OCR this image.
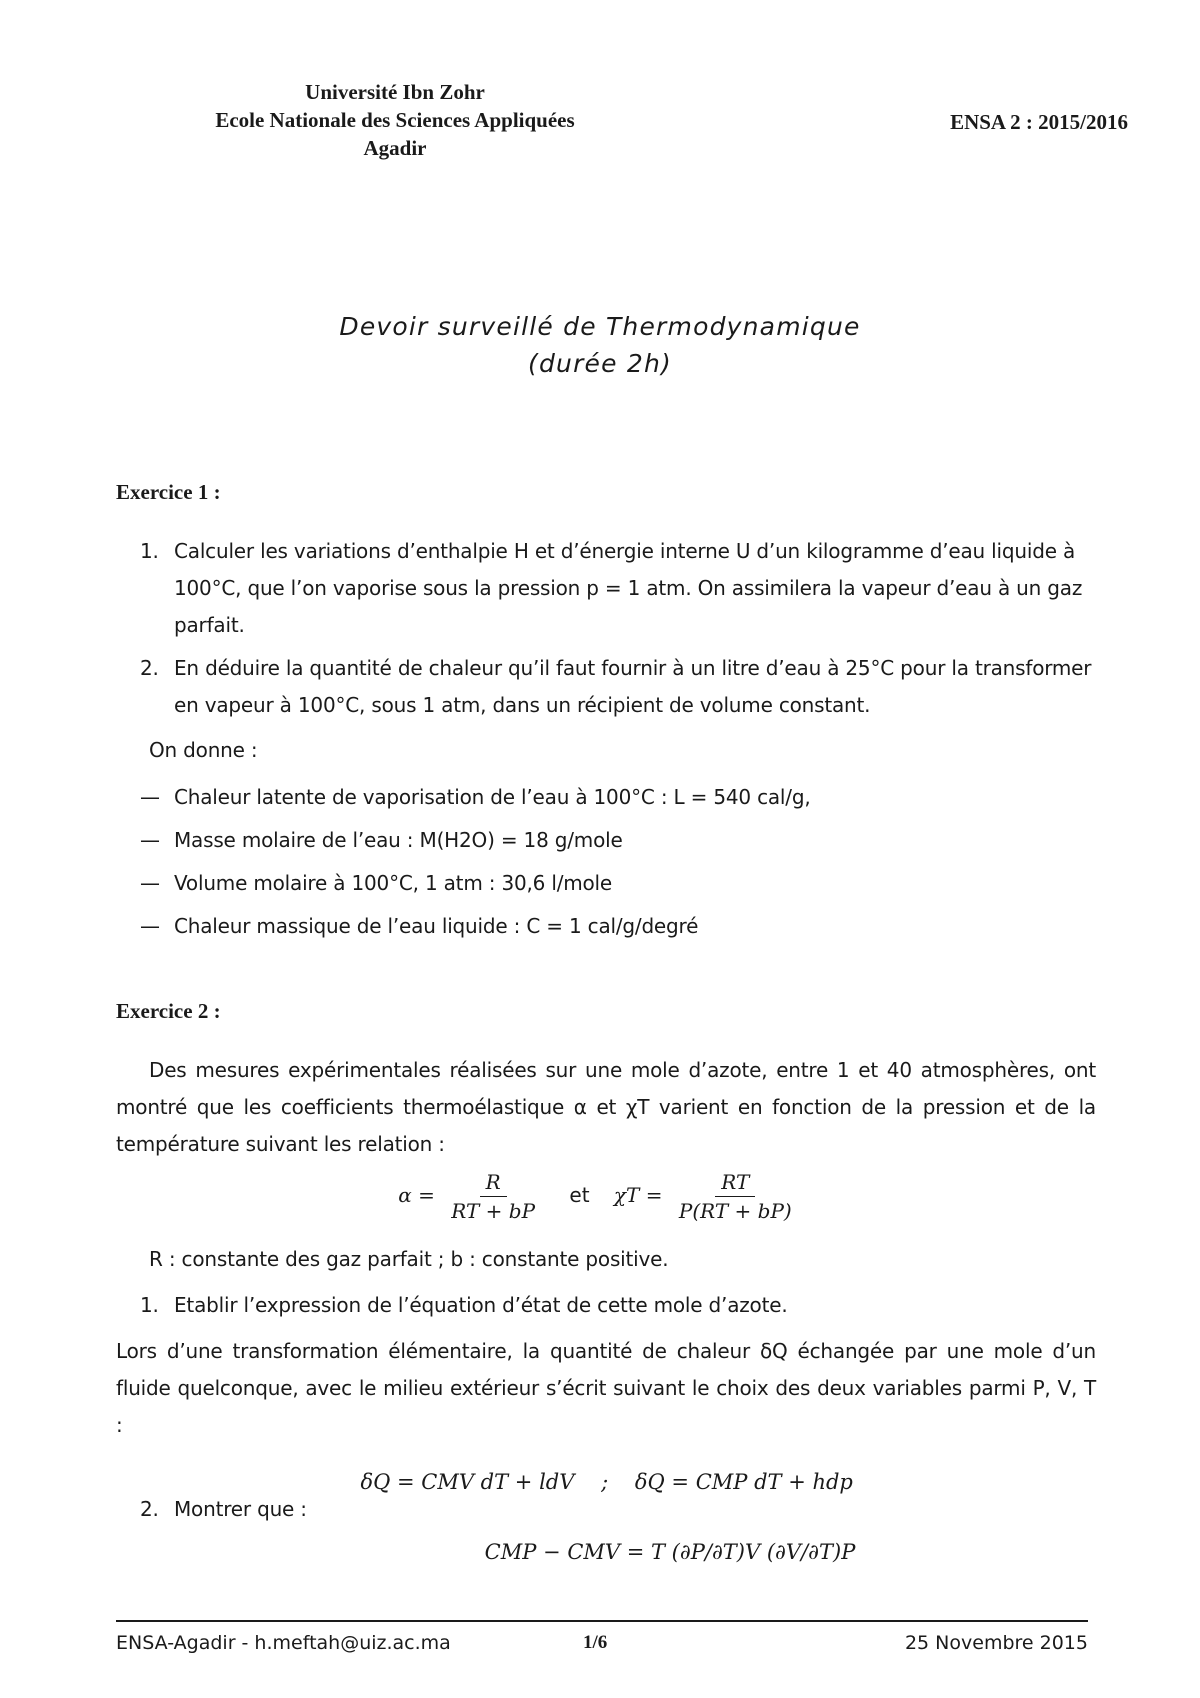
Université Ibn Zohr
Ecole Nationale des Sciences Appliquées
Agadir
ENSA 2 : 2015/2016
Devoir surveillé de Thermodynamique
(durée 2h)
Exercice 1 :
1. Calculer les variations d’enthalpie H et d’énergie interne U d’un kilogramme d’eau liquide à 100°C, que l’on vaporise sous la pression p = 1 atm. On assimilera la vapeur d’eau à un gaz parfait.
2. En déduire la quantité de chaleur qu’il faut fournir à un litre d’eau à 25°C pour la transformer en vapeur à 100°C, sous 1 atm, dans un récipient de volume constant.
On donne :
— Chaleur latente de vaporisation de l’eau à 100°C : L = 540 cal/g,
— Masse molaire de l’eau : M(H2O) = 18 g/mole
— Volume molaire à 100°C, 1 atm : 30,6 l/mole
— Chaleur massique de l’eau liquide : C = 1 cal/g/degré
Exercice 2 :
Des mesures expérimentales réalisées sur une mole d’azote, entre 1 et 40 atmosphères, ont montré que les coefficients thermoélastique α et χT varient en fonction de la pression et de la température suivant les relation :
$\alpha = \frac{R}{RT + bP}$ et $\chi T = \frac{RT}{P(RT + bP)}$
R : constante des gaz parfait ; b : constante positive.
1. Etablir l’expression de l’équation d’état de cette mole d’azote.
Lors d’une transformation élémentaire, la quantité de chaleur δQ échangée par une mole d’un fluide quelconque, avec le milieu extérieur s’écrit suivant le choix des deux variables parmi P, V, T :

δQ = CMV dT + ldV    ;    δQ = CMP dT + hdp

2. Montrer que :
CMP − CMV = T (∂P/∂T)V (∂V/∂T)P
ENSA-Agadir - h.meftah@uiz.ac.ma	1/6	25 Novembre 2015
